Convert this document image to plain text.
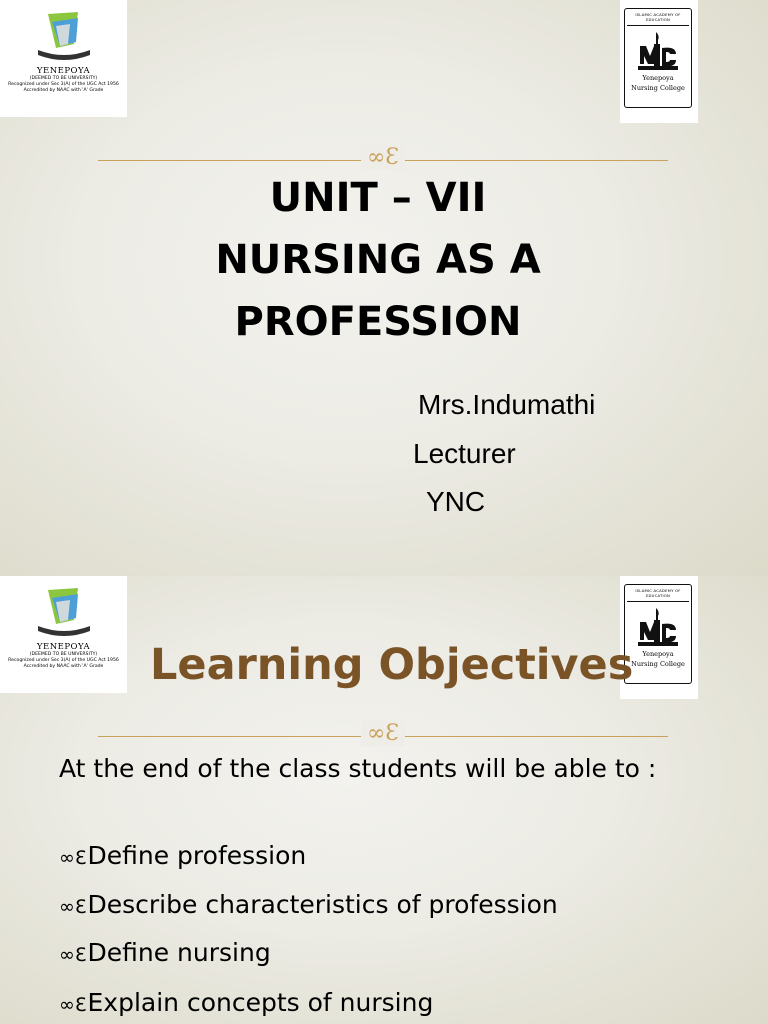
YENEPOYA
(DEEMED TO BE UNIVERSITY)
Recognized under Sec 3(A) of the UGC Act 1956
Accredited by NAAC with 'A' Grade
ISLAMIC ACADEMY OF EDUCATION
Yenepoya
Nursing College
∞Ɛ
UNIT – VII
NURSING AS A
PROFESSION
Mrs.Indumathi
Lecturer
YNC
YENEPOYA
(DEEMED TO BE UNIVERSITY)
Recognized under Sec 3(A) of the UGC Act 1956
Accredited by NAAC with 'A' Grade
ISLAMIC ACADEMY OF EDUCATION
Yenepoya
Nursing College
Learning Objectives
∞Ɛ
At the end of the class students will be able to :
∞ƐDefine profession
∞ƐDescribe characteristics of profession
∞ƐDefine nursing
∞ƐExplain concepts of nursing
